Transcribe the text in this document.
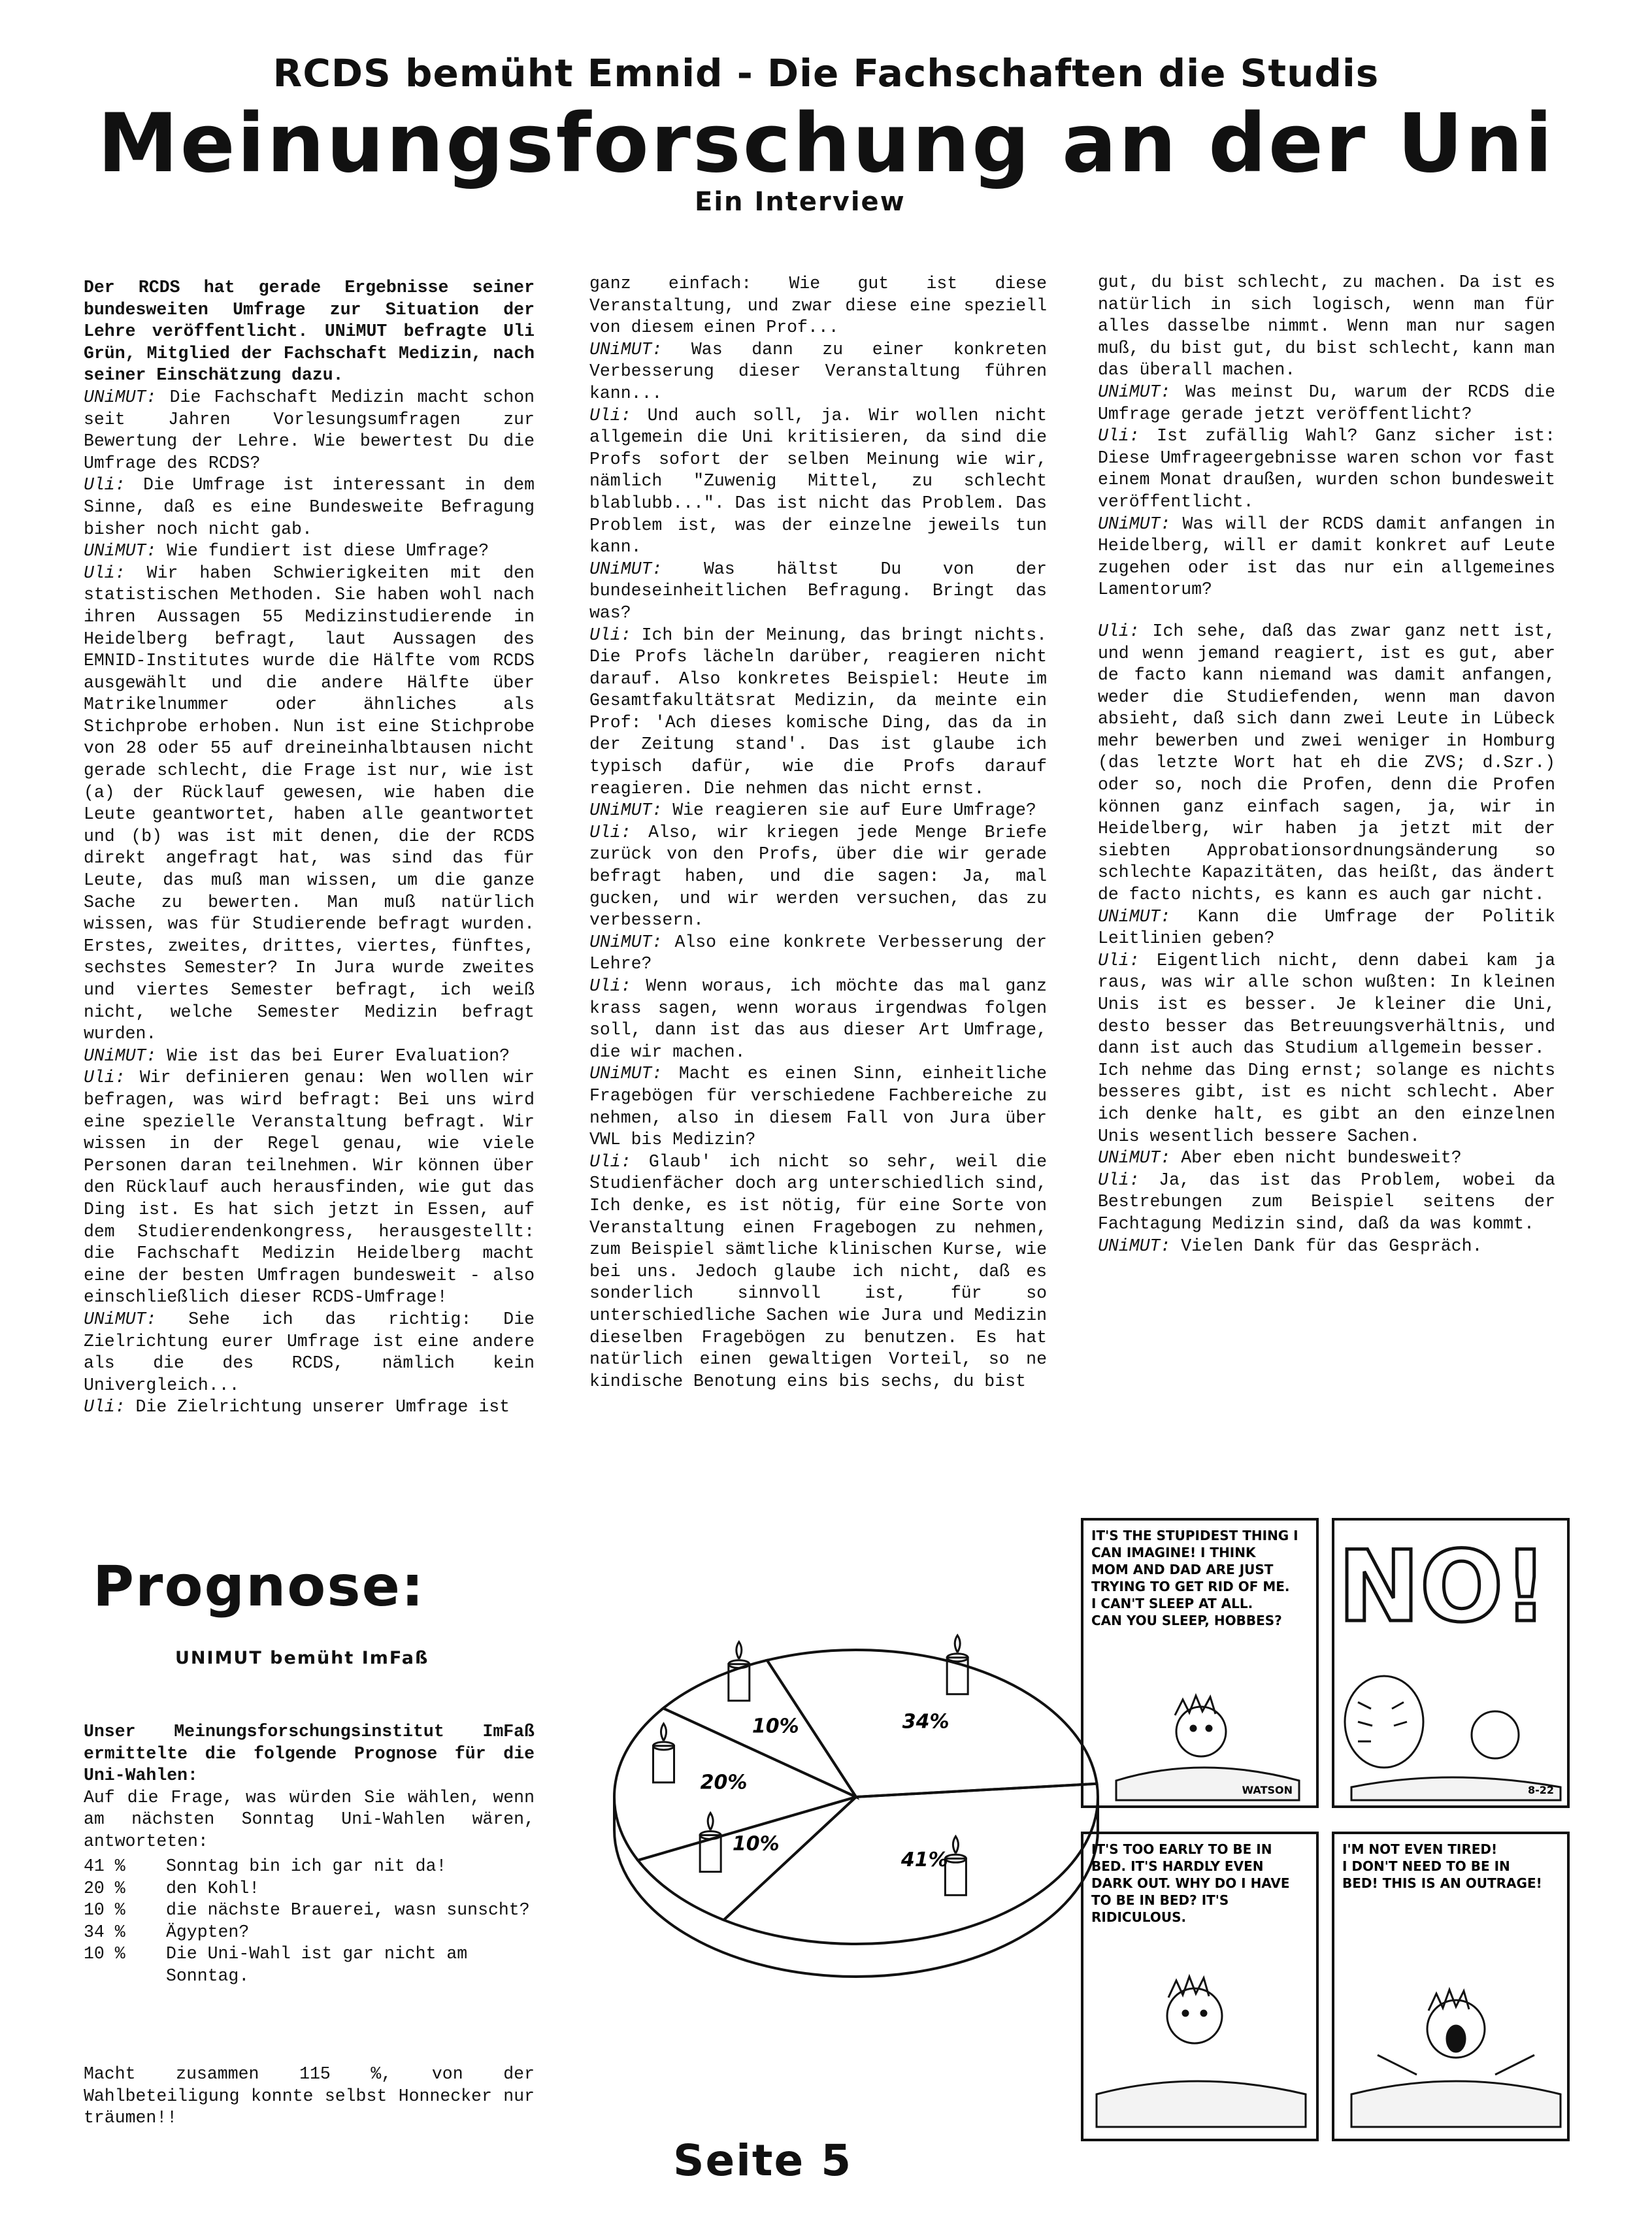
RCDS bemüht Emnid - Die Fachschaften die Studis
Meinungsforschung an der Uni
Ein Interview

Der RCDS hat gerade Ergebnisse seiner bundesweiten Umfrage zur Situation der Lehre veröffentlicht. UNiMUT befragte Uli Grün, Mitglied der Fachschaft Medizin, nach seiner Einschätzung dazu.

UNiMUT: Die Fachschaft Medizin macht schon seit Jahren Vorlesungsumfragen zur Bewertung der Lehre. Wie bewertest Du die Umfrage des RCDS?

Uli: Die Umfrage ist interessant in dem Sinne, daß es eine Bundesweite Befragung bisher noch nicht gab.

UNiMUT: Wie fundiert ist diese Umfrage?

Uli: Wir haben Schwierigkeiten mit den statistischen Methoden. Sie haben wohl nach ihren Aussagen 55 Medizinstudierende in Heidelberg befragt, laut Aussagen des EMNID-Institutes wurde die Hälfte vom RCDS ausgewählt und die andere Hälfte über Matrikelnummer oder ähnliches als Stichprobe erhoben. Nun ist eine Stichprobe von 28 oder 55 auf dreineinhalbtausen nicht gerade schlecht, die Frage ist nur, wie ist (a) der Rücklauf gewesen, wie haben die Leute geantwortet, haben alle geantwortet und (b) was ist mit denen, die der RCDS direkt angefragt hat, was sind das für Leute, das muß man wissen, um die ganze Sache zu bewerten. Man muß natürlich wissen, was für Studierende befragt wurden. Erstes, zweites, drittes, viertes, fünftes, sechstes Semester? In Jura wurde zweites und viertes Semester befragt, ich weiß nicht, welche Semester Medizin befragt wurden.

UNiMUT: Wie ist das bei Eurer Evaluation?

Uli: Wir definieren genau: Wen wollen wir befragen, was wird befragt: Bei uns wird eine spezielle Veranstaltung befragt. Wir wissen in der Regel genau, wie viele Personen daran teilnehmen. Wir können über den Rücklauf auch herausfinden, wie gut das Ding ist. Es hat sich jetzt in Essen, auf dem Studierendenkongress, herausgestellt: die Fachschaft Medizin Heidelberg macht eine der besten Umfragen bundesweit - also einschließlich dieser RCDS-Umfrage!

UNiMUT: Sehe ich das richtig: Die Zielrichtung eurer Umfrage ist eine andere als die des RCDS, nämlich kein Univergleich...

Uli: Die Zielrichtung unserer Umfrage ist

ganz einfach: Wie gut ist diese Veranstaltung, und zwar diese eine speziell von diesem einen Prof...

UNiMUT: Was dann zu einer konkreten Verbesserung dieser Veranstaltung führen kann...

Uli: Und auch soll, ja. Wir wollen nicht allgemein die Uni kritisieren, da sind die Profs sofort der selben Meinung wie wir, nämlich "Zuwenig Mittel, zu schlecht blablubb...". Das ist nicht das Problem. Das Problem ist, was der einzelne jeweils tun kann.

UNiMUT: Was hältst Du von der bundeseinheitlichen Befragung. Bringt das was?

Uli: Ich bin der Meinung, das bringt nichts. Die Profs lächeln darüber, reagieren nicht darauf. Also konkretes Beispiel: Heute im Gesamtfakultätsrat Medizin, da meinte ein Prof: 'Ach dieses komische Ding, das da in der Zeitung stand'. Das ist glaube ich typisch dafür, wie die Profs darauf reagieren. Die nehmen das nicht ernst.

UNiMUT: Wie reagieren sie auf Eure Umfrage?

Uli: Also, wir kriegen jede Menge Briefe zurück von den Profs, über die wir gerade befragt haben, und die sagen: Ja, mal gucken, und wir werden versuchen, das zu verbessern.

UNiMUT: Also eine konkrete Verbesserung der Lehre?

Uli: Wenn woraus, ich möchte das mal ganz krass sagen, wenn woraus irgendwas folgen soll, dann ist das aus dieser Art Umfrage, die wir machen.

UNiMUT: Macht es einen Sinn, einheitliche Fragebögen für verschiedene Fachbereiche zu nehmen, also in diesem Fall von Jura über VWL bis Medizin?

Uli: Glaub' ich nicht so sehr, weil die Studienfächer doch arg unterschiedlich sind, Ich denke, es ist nötig, für eine Sorte von Veranstaltung einen Fragebogen zu nehmen, zum Beispiel sämtliche klinischen Kurse, wie bei uns. Jedoch glaube ich nicht, daß es sonderlich sinnvoll ist, für so unterschiedliche Sachen wie Jura und Medizin dieselben Fragebögen zu benutzen. Es hat natürlich einen gewaltigen Vorteil, so ne kindische Benotung eins bis sechs, du bist

gut, du bist schlecht, zu machen. Da ist es natürlich in sich logisch, wenn man für alles dasselbe nimmt. Wenn man nur sagen muß, du bist gut, du bist schlecht, kann man das überall machen.

UNiMUT: Was meinst Du, warum der RCDS die Umfrage gerade jetzt veröffentlicht?

Uli: Ist zufällig Wahl? Ganz sicher ist: Diese Umfrageergebnisse waren schon vor fast einem Monat draußen, wurden schon bundesweit veröffentlicht.

UNiMUT: Was will der RCDS damit anfangen in Heidelberg, will er damit konkret auf Leute zugehen oder ist das nur ein allgemeines Lamentorum?

Uli: Ich sehe, daß das zwar ganz nett ist, und wenn jemand reagiert, ist es gut, aber de facto kann niemand was damit anfangen, weder die Studiefenden, wenn man davon absieht, daß sich dann zwei Leute in Lübeck mehr bewerben und zwei weniger in Homburg (das letzte Wort hat eh die ZVS; d.Szr.) oder so, noch die Profen, denn die Profen können ganz einfach sagen, ja, wir in Heidelberg, wir haben ja jetzt mit der siebten Approbationsordnungsänderung so schlechte Kapazitäten, das heißt, das ändert de facto nichts, es kann es auch gar nicht.

UNiMUT: Kann die Umfrage der Politik Leitlinien geben?

Uli: Eigentlich nicht, denn dabei kam ja raus, was wir alle schon wußten: In kleinen Unis ist es besser. Je kleiner die Uni, desto besser das Betreuungsverhältnis, und dann ist auch das Studium allgemein besser.

Ich nehme das Ding ernst; solange es nichts besseres gibt, ist es nicht schlecht. Aber ich denke halt, es gibt an den einzelnen Unis wesentlich bessere Sachen.

UNiMUT: Aber eben nicht bundesweit?

Uli: Ja, das ist das Problem, wobei da Bestrebungen zum Beispiel seitens der Fachtagung Medizin sind, daß da was kommt.

UNiMUT: Vielen Dank für das Gespräch.

Prognose:
UNIMUT bemüht ImFaß

Unser Meinungsforschungsinstitut ImFaß ermittelte die folgende Prognose für die Uni-Wahlen:

Auf die Frage, was würden Sie wählen, wenn am nächsten Sonntag Uni-Wahlen wären, antworteten:

41 %	Sonntag bin ich gar nit da!
20 %	den Kohl!
10 %	die nächste Brauerei, wasn sunscht?
34 %	Ägypten?
10 %	Die Uni-Wahl ist gar nicht am Sonntag.
Macht zusammen 115 %, von der Wahlbeteiligung konnte selbst Honnecker nur träumen!!
34%
41%
10%
20%
10%
IT'S THE STUPIDEST THING I
CAN IMAGINE! I THINK
MOM AND DAD ARE JUST
TRYING TO GET RID OF ME.
I CAN'T SLEEP AT ALL.
CAN YOU SLEEP, HOBBES? NO!
IT'S TOO EARLY TO BE IN
BED. IT'S HARDLY EVEN
DARK OUT. WHY DO I HAVE
TO BE IN BED? IT'S
RIDICULOUS.
I'M NOT EVEN TIRED!
I DON'T NEED TO BE IN
BED! THIS IS AN OUTRAGE!
WATSON	8-22
Seite 5
